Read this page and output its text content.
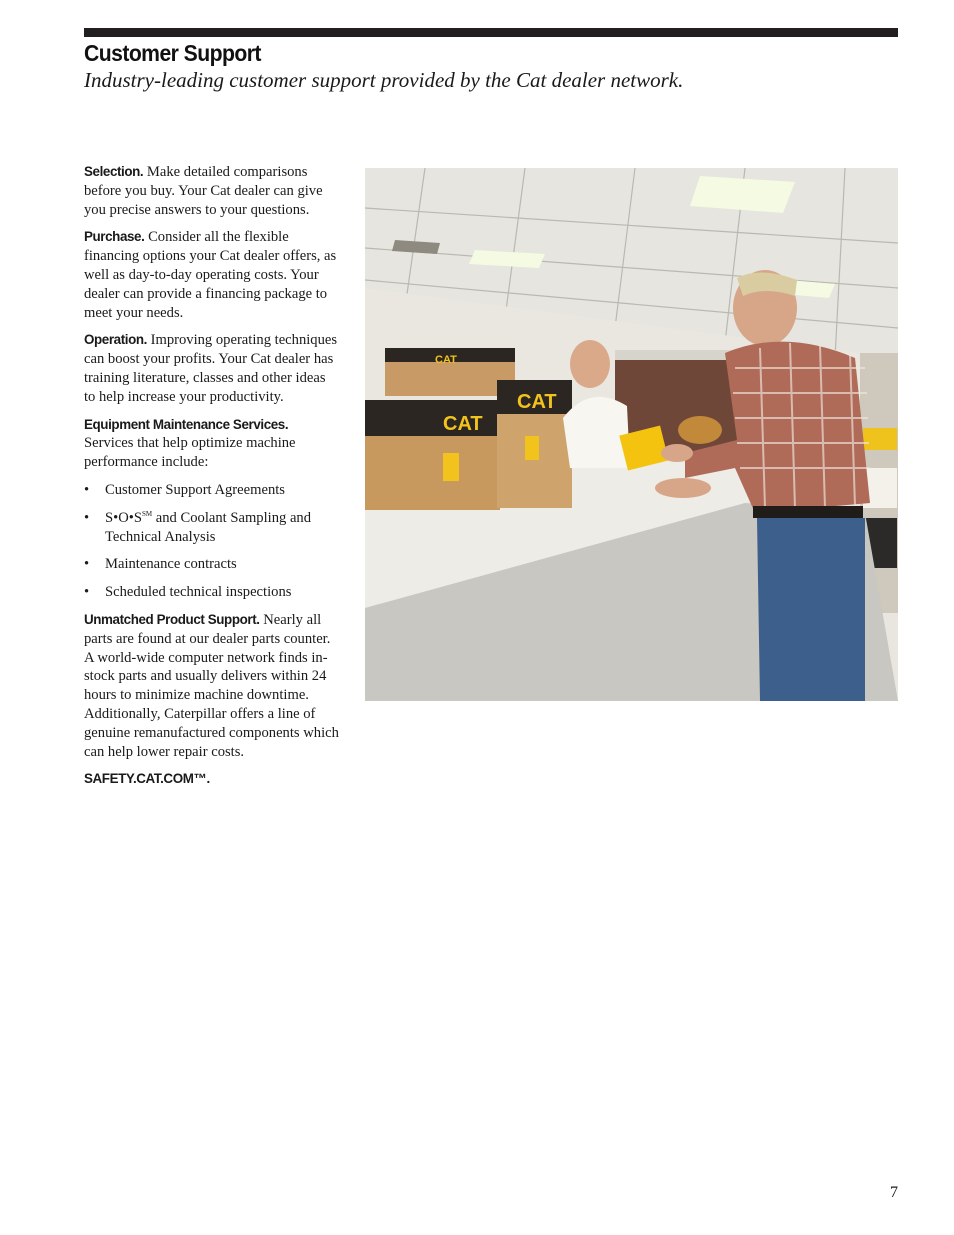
Customer Support

Industry-leading customer support provided by the Cat dealer network.

Selection. Make detailed comparisons before you buy. Your Cat dealer can give you precise answers to your questions.

Purchase. Consider all the flexible financing options your Cat dealer offers, as well as day-to-day operating costs. Your dealer can provide a financing package to meet your needs.

Operation. Improving operating techniques can boost your profits. Your Cat dealer has training literature, classes and other ideas to help increase your productivity.

Equipment Maintenance Services.
Services that help optimize machine performance include:

• Customer Support Agreements
• S•O•S℠ and Coolant Sampling and Technical Analysis
• Maintenance contracts
• Scheduled technical inspections

Unmatched Product Support. Nearly all parts are found at our dealer parts counter. A world-wide computer network finds in-stock parts and usually delivers within 24 hours to minimize machine downtime. Additionally, Caterpillar offers a line of genuine remanufactured components which can help lower repair costs.

SAFETY.CAT.COM™.

CAT
CAT
CAT
7
